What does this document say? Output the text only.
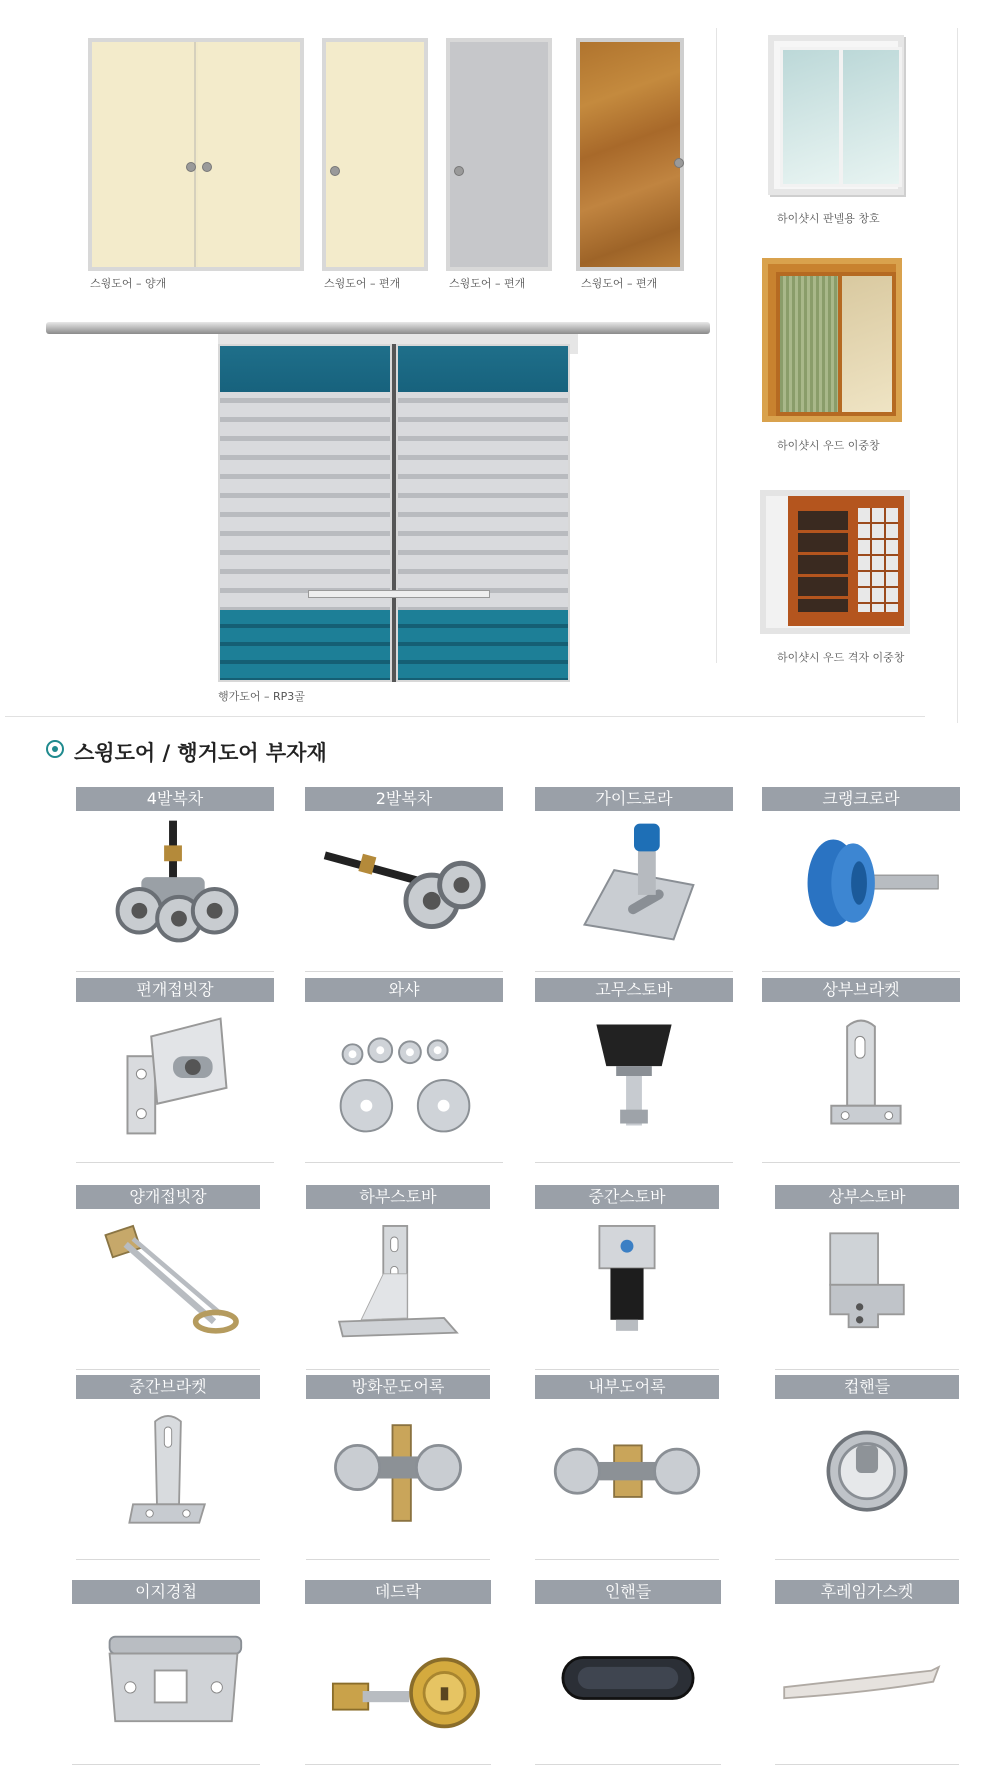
스윙도어 – 양개	스윙도어 – 편개	스윙도어 – 편개	스윙도어 – 편개
행가도어 – RP3골
하이샷시 판넬용 창호
하이샷시 우드 이중창
하이샷시 우드 격자 이중창
스윙도어 / 행거도어 부자재
4발복차	2발복차	가이드로라	크랭크로라
편개접빗장	와샤	고무스토바	상부브라켓
양개접빗장	하부스토바	중간스토바	상부스토바
중간브라켓	방화문도어록	내부도어록	컵핸들
이지경첩	데드락	인핸들	후레임가스켓
